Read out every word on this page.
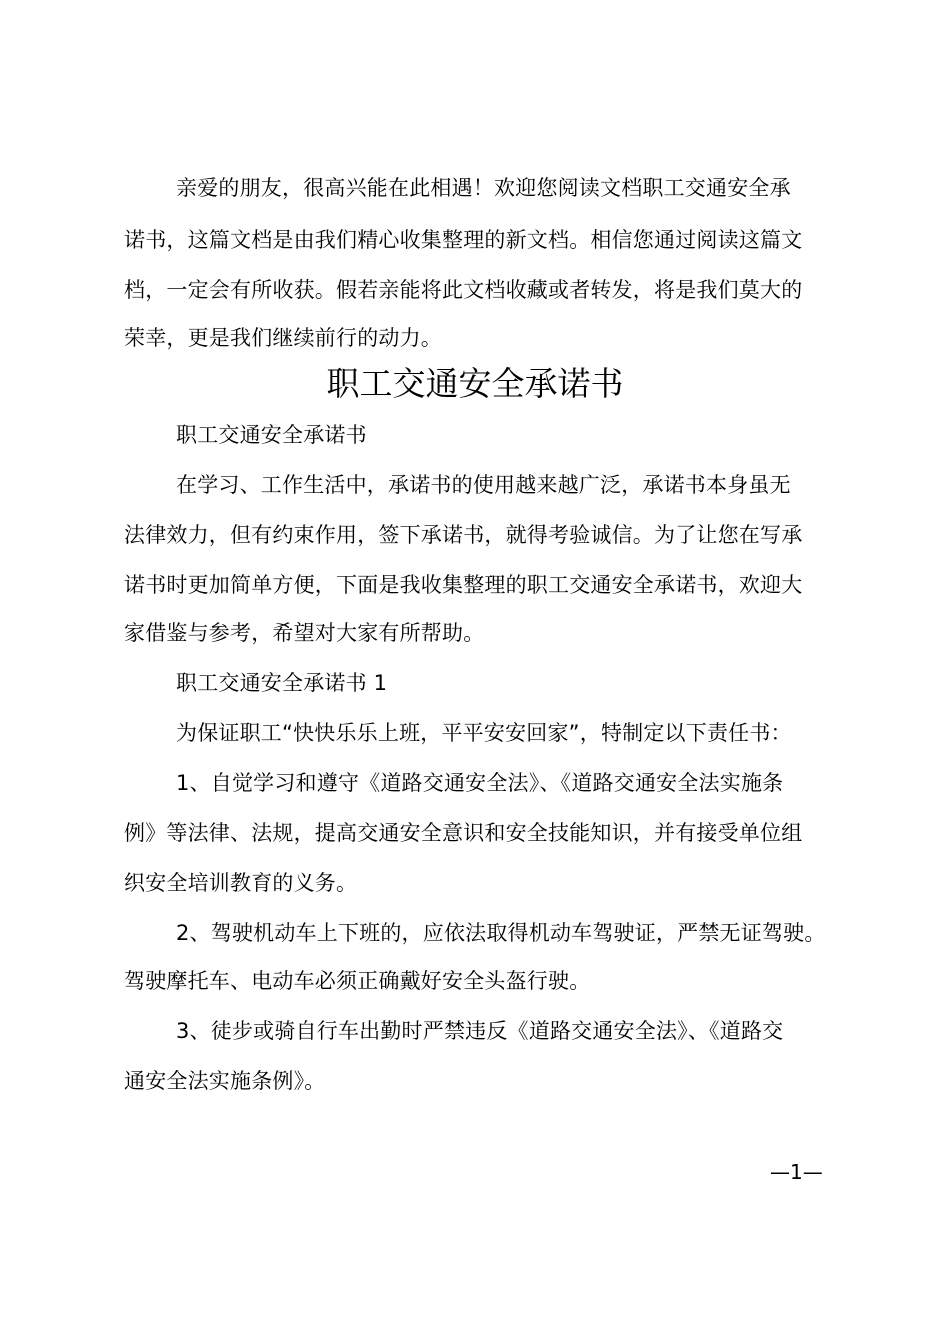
亲爱的朋友，很高兴能在此相遇！欢迎您阅读文档职工交通安全承
诺书，这篇文档是由我们精心收集整理的新文档。相信您通过阅读这篇文
档，一定会有所收获。假若亲能将此文档收藏或者转发，将是我们莫大的
荣幸，更是我们继续前行的动力。
职工交通安全承诺书
职工交通安全承诺书
在学习、工作生活中，承诺书的使用越来越广泛，承诺书本身虽无
法律效力，但有约束作用，签下承诺书，就得考验诚信。为了让您在写承
诺书时更加简单方便，下面是我收集整理的职工交通安全承诺书，欢迎大
家借鉴与参考，希望对大家有所帮助。
职工交通安全承诺书 1
为保证职工“快快乐乐上班，平平安安回家”，特制定以下责任书：
1、自觉学习和遵守《道路交通安全法》、《道路交通安全法实施条
例》等法律、法规，提高交通安全意识和安全技能知识，并有接受单位组
织安全培训教育的义务。
2、驾驶机动车上下班的，应依法取得机动车驾驶证，严禁无证驾驶。
驾驶摩托车、电动车必须正确戴好安全头盔行驶。
3、徒步或骑自行车出勤时严禁违反《道路交通安全法》、《道路交
通安全法实施条例》。
—1—
